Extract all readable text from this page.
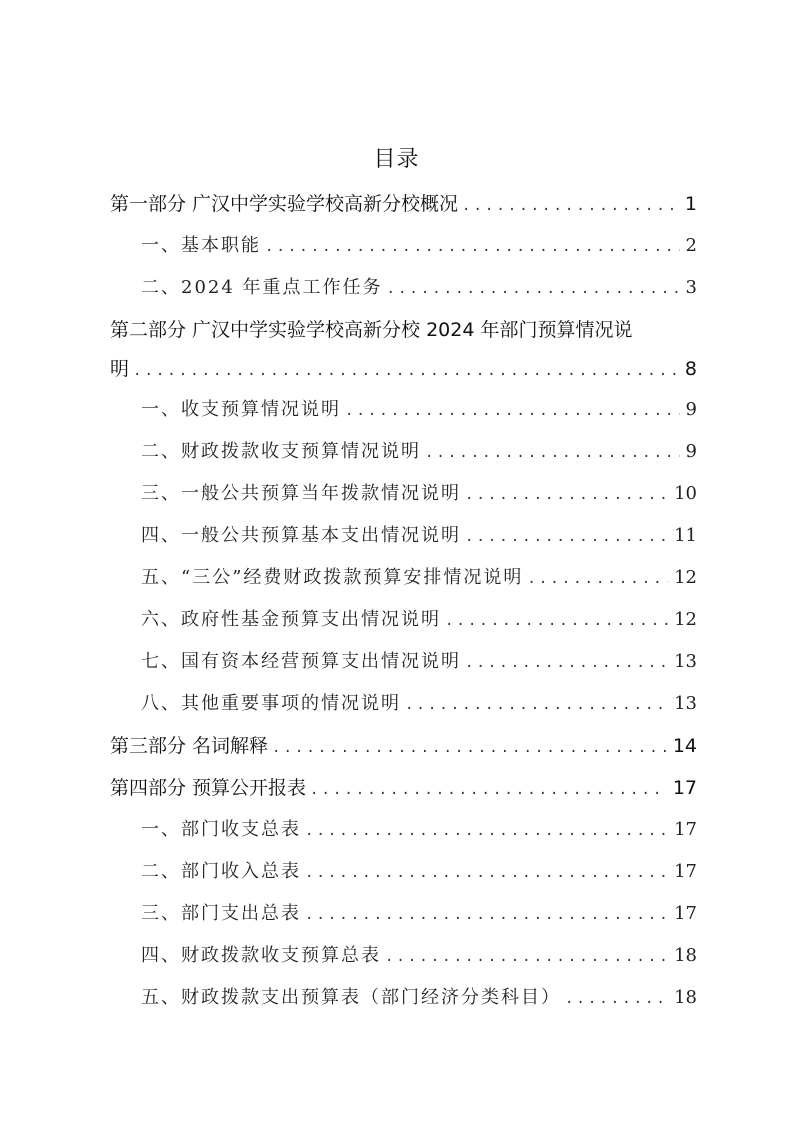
目录
第一部分 广汉中学实验学校高新分校概况 .....	1
一、基本职能 .....	2
二、2024 年重点工作任务 .....	3
第二部分 广汉中学实验学校高新分校 2024 年部门预算情况说
明 .....	8
一、收支预算情况说明 .....	9
二、财政拨款收支预算情况说明 .....	9
三、一般公共预算当年拨款情况说明 .....	10
四、一般公共预算基本支出情况说明 .....	11
五、“三公”经费财政拨款预算安排情况说明 .....	12
六、政府性基金预算支出情况说明 .....	12
七、国有资本经营预算支出情况说明 .....	13
八、其他重要事项的情况说明 .....	13
第三部分 名词解释 .....	14
第四部分 预算公开报表 .....	17
一、部门收支总表 .....	17
二、部门收入总表 .....	17
三、部门支出总表 .....	17
四、财政拨款收支预算总表 .....	18
五、财政拨款支出预算表（部门经济分类科目） .....	18
